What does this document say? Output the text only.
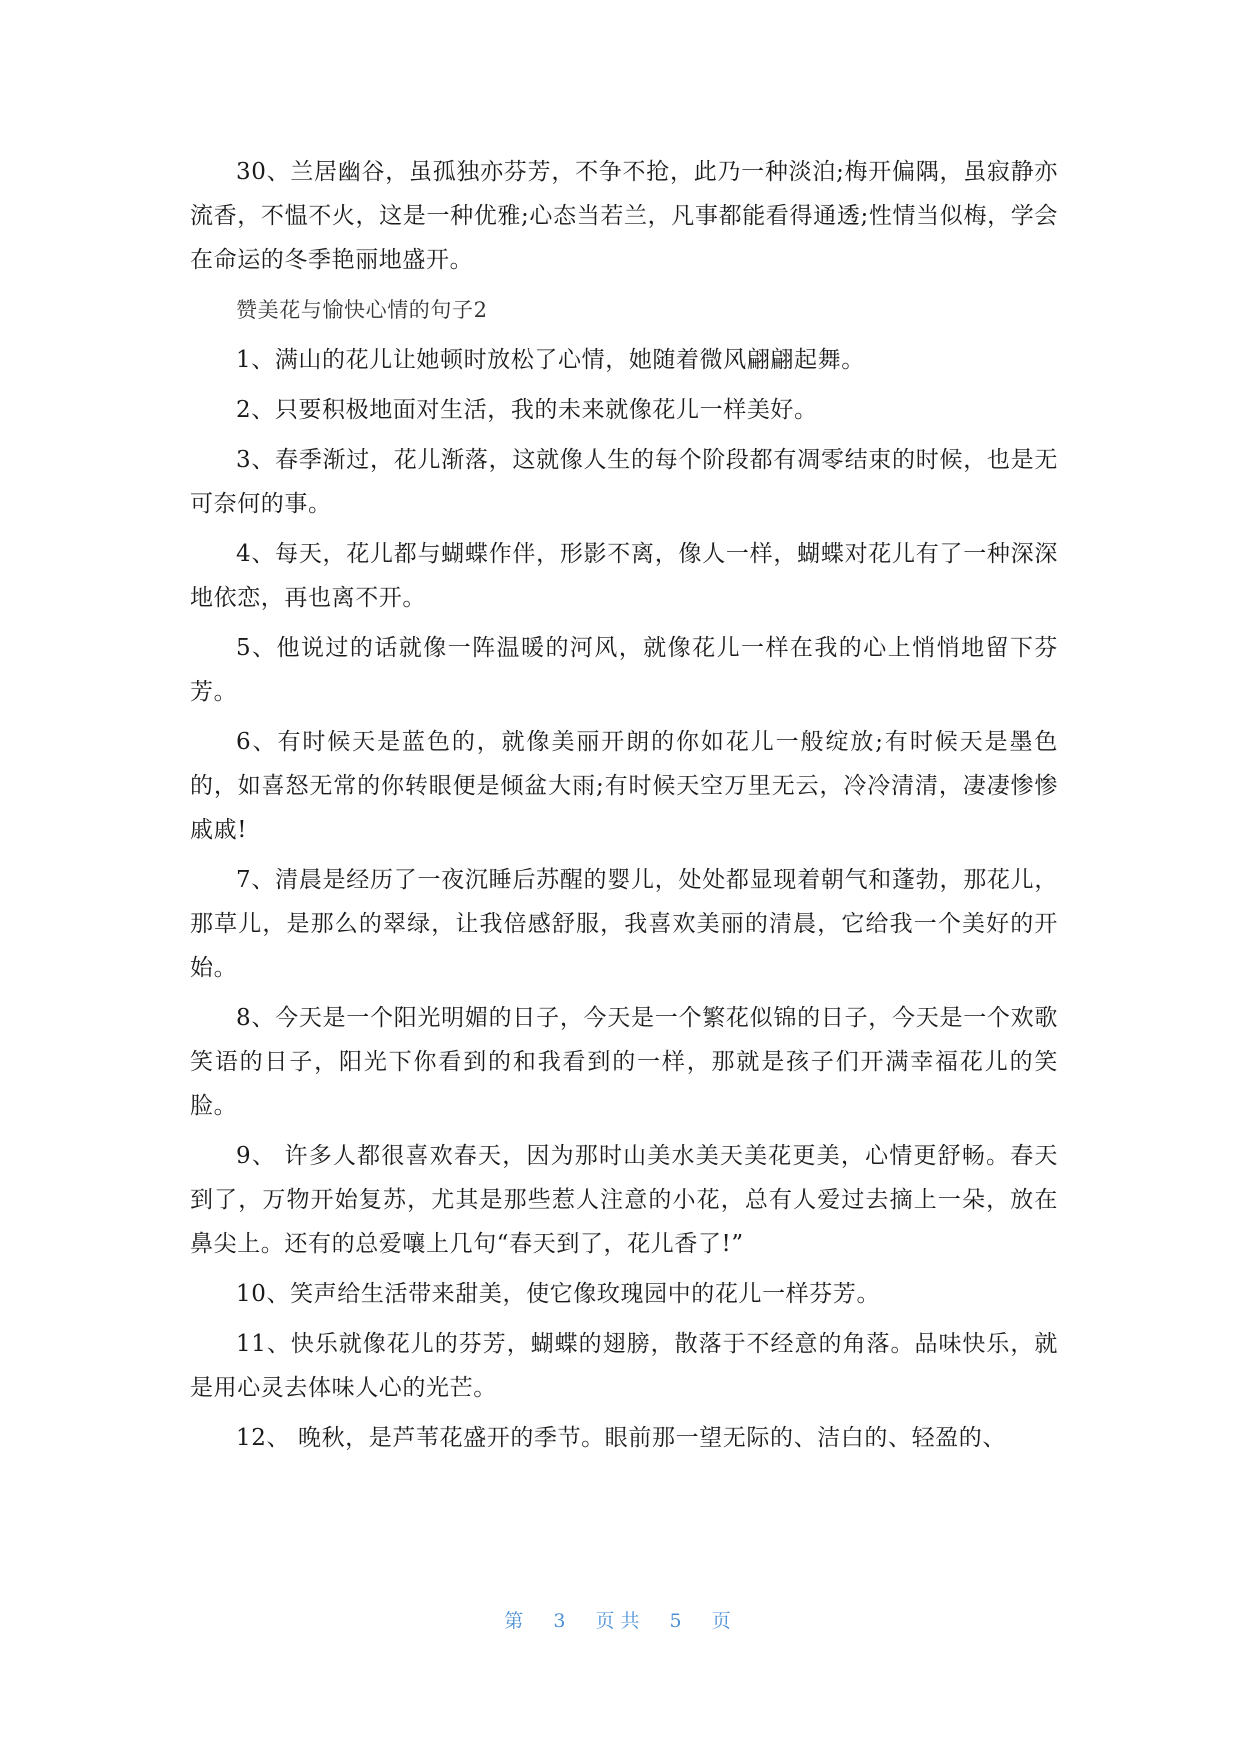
30、兰居幽谷，虽孤独亦芬芳，不争不抢，此乃一种淡泊;梅开偏隅，虽寂静亦流香，不愠不火，这是一种优雅;心态当若兰，凡事都能看得通透;性情当似梅，学会在命运的冬季艳丽地盛开。

赞美花与愉快心情的句子2

1、满山的花儿让她顿时放松了心情，她随着微风翩翩起舞。

2、只要积极地面对生活，我的未来就像花儿一样美好。

3、春季渐过，花儿渐落，这就像人生的每个阶段都有凋零结束的时候，也是无可奈何的事。

4、每天，花儿都与蝴蝶作伴，形影不离，像人一样，蝴蝶对花儿有了一种深深地依恋，再也离不开。

5、他说过的话就像一阵温暖的河风，就像花儿一样在我的心上悄悄地留下芬芳。

6、有时候天是蓝色的，就像美丽开朗的你如花儿一般绽放;有时候天是墨色的，如喜怒无常的你转眼便是倾盆大雨;有时候天空万里无云，冷冷清清，凄凄惨惨戚戚!

7、清晨是经历了一夜沉睡后苏醒的婴儿，处处都显现着朝气和蓬勃，那花儿，那草儿，是那么的翠绿，让我倍感舒服，我喜欢美丽的清晨，它给我一个美好的开始。

8、今天是一个阳光明媚的日子，今天是一个繁花似锦的日子，今天是一个欢歌笑语的日子，阳光下你看到的和我看到的一样，那就是孩子们开满幸福花儿的笑脸。

9、 许多人都很喜欢春天，因为那时山美水美天美花更美，心情更舒畅。春天到了，万物开始复苏，尤其是那些惹人注意的小花，总有人爱过去摘上一朵，放在鼻尖上。还有的总爱嚷上几句“春天到了，花儿香了!”

10、笑声给生活带来甜美，使它像玫瑰园中的花儿一样芬芳。

11、快乐就像花儿的芬芳，蝴蝶的翅膀，散落于不经意的角落。品味快乐，就是用心灵去体味人心的光芒。

12、 晚秋，是芦苇花盛开的季节。眼前那一望无际的、洁白的、轻盈的、

第 3 页共 5 页
